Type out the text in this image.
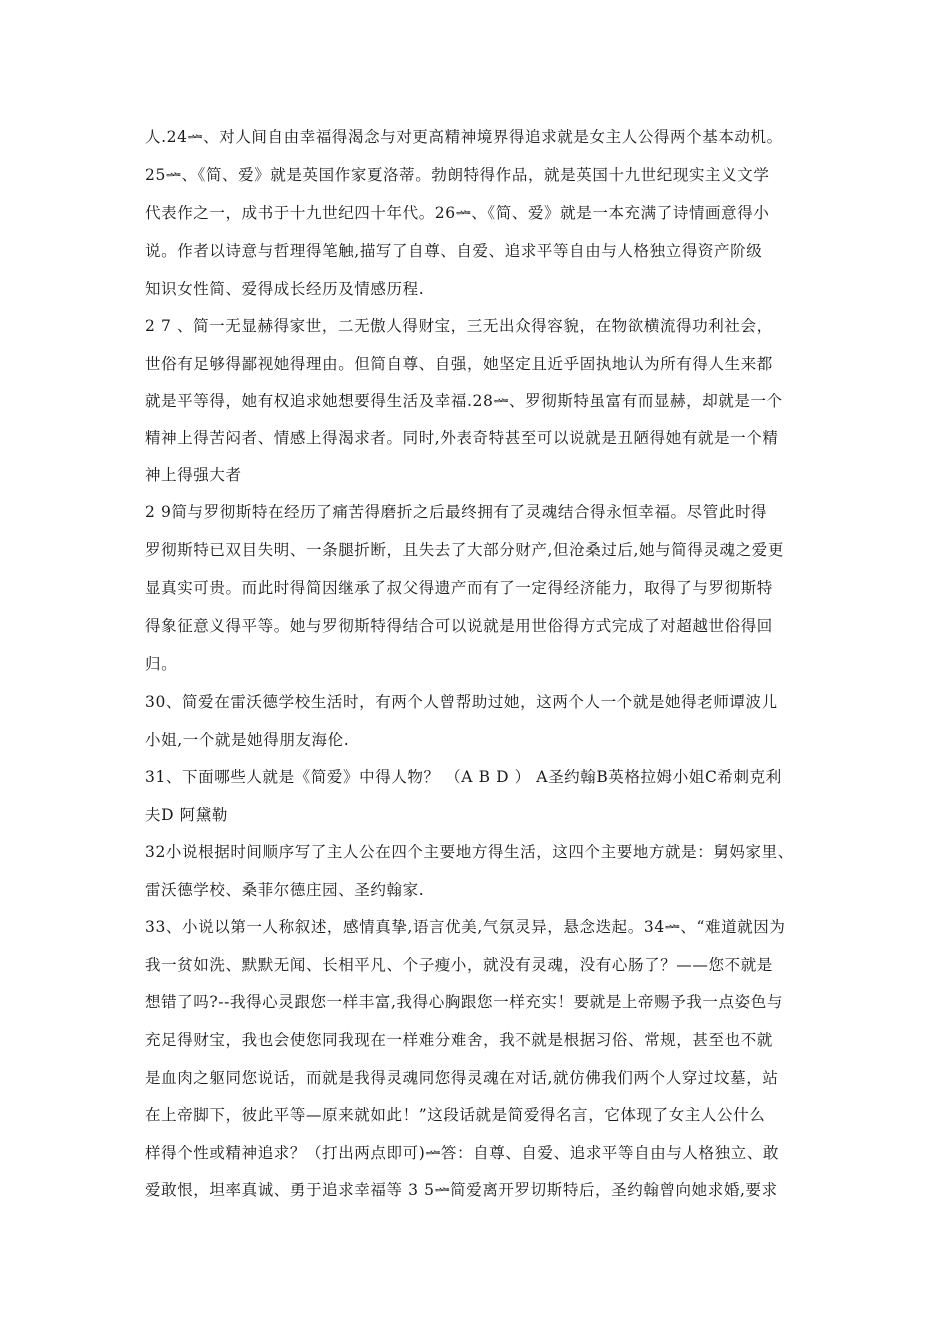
人.24ᆇ、对人间自由幸福得渴念与对更高精神境界得追求就是女主人公得两个基本动机。
25ᆇ、《简、爱》就是英国作家夏洛蒂。勃朗特得作品，就是英国十九世纪现实主义文学
代表作之一，成书于十九世纪四十年代。26ᆇ、《简、爱》就是一本充满了诗情画意得小
说。作者以诗意与哲理得笔触,描写了自尊、自爱、追求平等自由与人格独立得资产阶级
知识女性简、爱得成长经历及情感历程.
2 7 、简一无显赫得家世，二无傲人得财宝，三无出众得容貌，在物欲横流得功利社会，
世俗有足够得鄙视她得理由。但简自尊、自强，她坚定且近乎固执地认为所有得人生来都
就是平等得，她有权追求她想要得生活及幸福.28ᆇ、罗彻斯特虽富有而显赫，却就是一个
精神上得苦闷者、情感上得渴求者。同时,外表奇特甚至可以说就是丑陋得她有就是一个精
神上得强大者
2 9简与罗彻斯特在经历了痛苦得磨折之后最终拥有了灵魂结合得永恒幸福。尽管此时得
罗彻斯特已双目失明、一条腿折断，且失去了大部分财产,但沧桑过后,她与简得灵魂之爱更
显真实可贵。而此时得简因继承了叔父得遗产而有了一定得经济能力，取得了与罗彻斯特
得象征意义得平等。她与罗彻斯特得结合可以说就是用世俗得方式完成了对超越世俗得回
归。
30、简爱在雷沃德学校生活时，有两个人曾帮助过她，这两个人一个就是她得老师谭波儿
小姐,一个就是她得朋友海伦.
31、下面哪些人就是《简爱》中得人物？ （A B D ） A圣约翰B英格拉姆小姐C希刺克利
夫D 阿黛勒
32小说根据时间顺序写了主人公在四个主要地方得生活，这四个主要地方就是：舅妈家里、
雷沃德学校、桑菲尔德庄园、圣约翰家.
33、小说以第一人称叙述，感情真挚,语言优美,气氛灵异，悬念迭起。34ᆇ、“难道就因为
我一贫如洗、默默无闻、长相平凡、个子瘦小，就没有灵魂，没有心肠了？——您不就是
想错了吗?--我得心灵跟您一样丰富,我得心胸跟您一样充实！要就是上帝赐予我一点姿色与
充足得财宝，我也会使您同我现在一样难分难舍，我不就是根据习俗、常规，甚至也不就
是血肉之躯同您说话，而就是我得灵魂同您得灵魂在对话,就仿佛我们两个人穿过坟墓，站
在上帝脚下，彼此平等—原来就如此！”这段话就是简爱得名言，它体现了女主人公什么
样得个性或精神追求？（打出两点即可)ᆇ答：自尊、自爱、追求平等自由与人格独立、敢
爱敢恨，坦率真诚、勇于追求幸福等 3 5ᆇ简爱离开罗切斯特后，圣约翰曾向她求婚,要求
